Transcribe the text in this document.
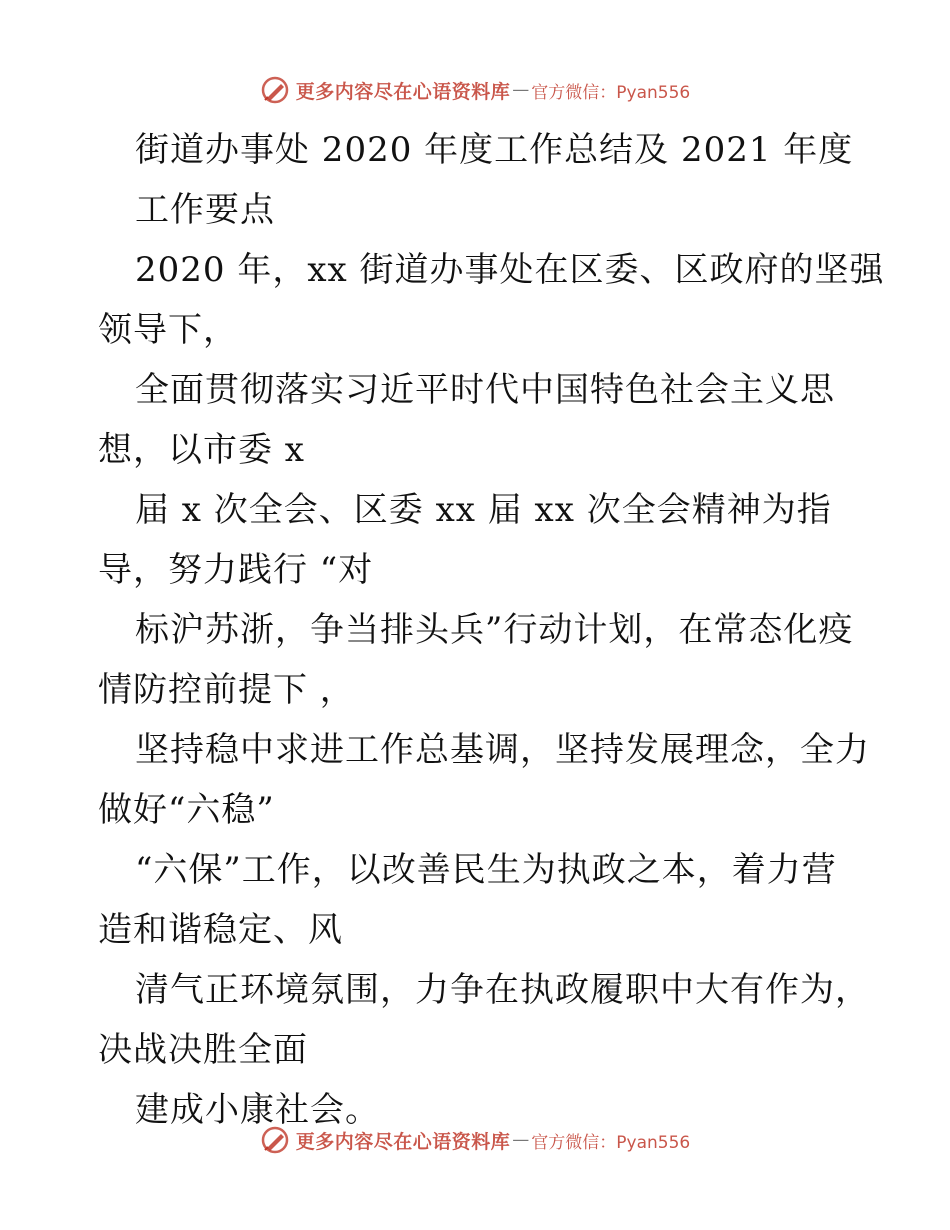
更多内容尽在心语资料库 — 官方微信：Pyan556
街道办事处 2020 年度工作总结及 2021 年度
工作要点
2020 年，xx 街道办事处在区委、区政府的坚强
领导下，
全面贯彻落实习近平时代中国特色社会主义思
想，以市委 x
届 x 次全会、区委 xx 届 xx 次全会精神为指
导，努力践行 “对
标沪苏浙，争当排头兵”行动计划，在常态化疫
情防控前提下 ，
坚持稳中求进工作总基调，坚持发展理念，全力
做好“六稳”
“六保”工作，以改善民生为执政之本，着力营
造和谐稳定、风
清气正环境氛围，力争在执政履职中大有作为，
决战决胜全面
建成小康社会。
更多内容尽在心语资料库 — 官方微信：Pyan556
